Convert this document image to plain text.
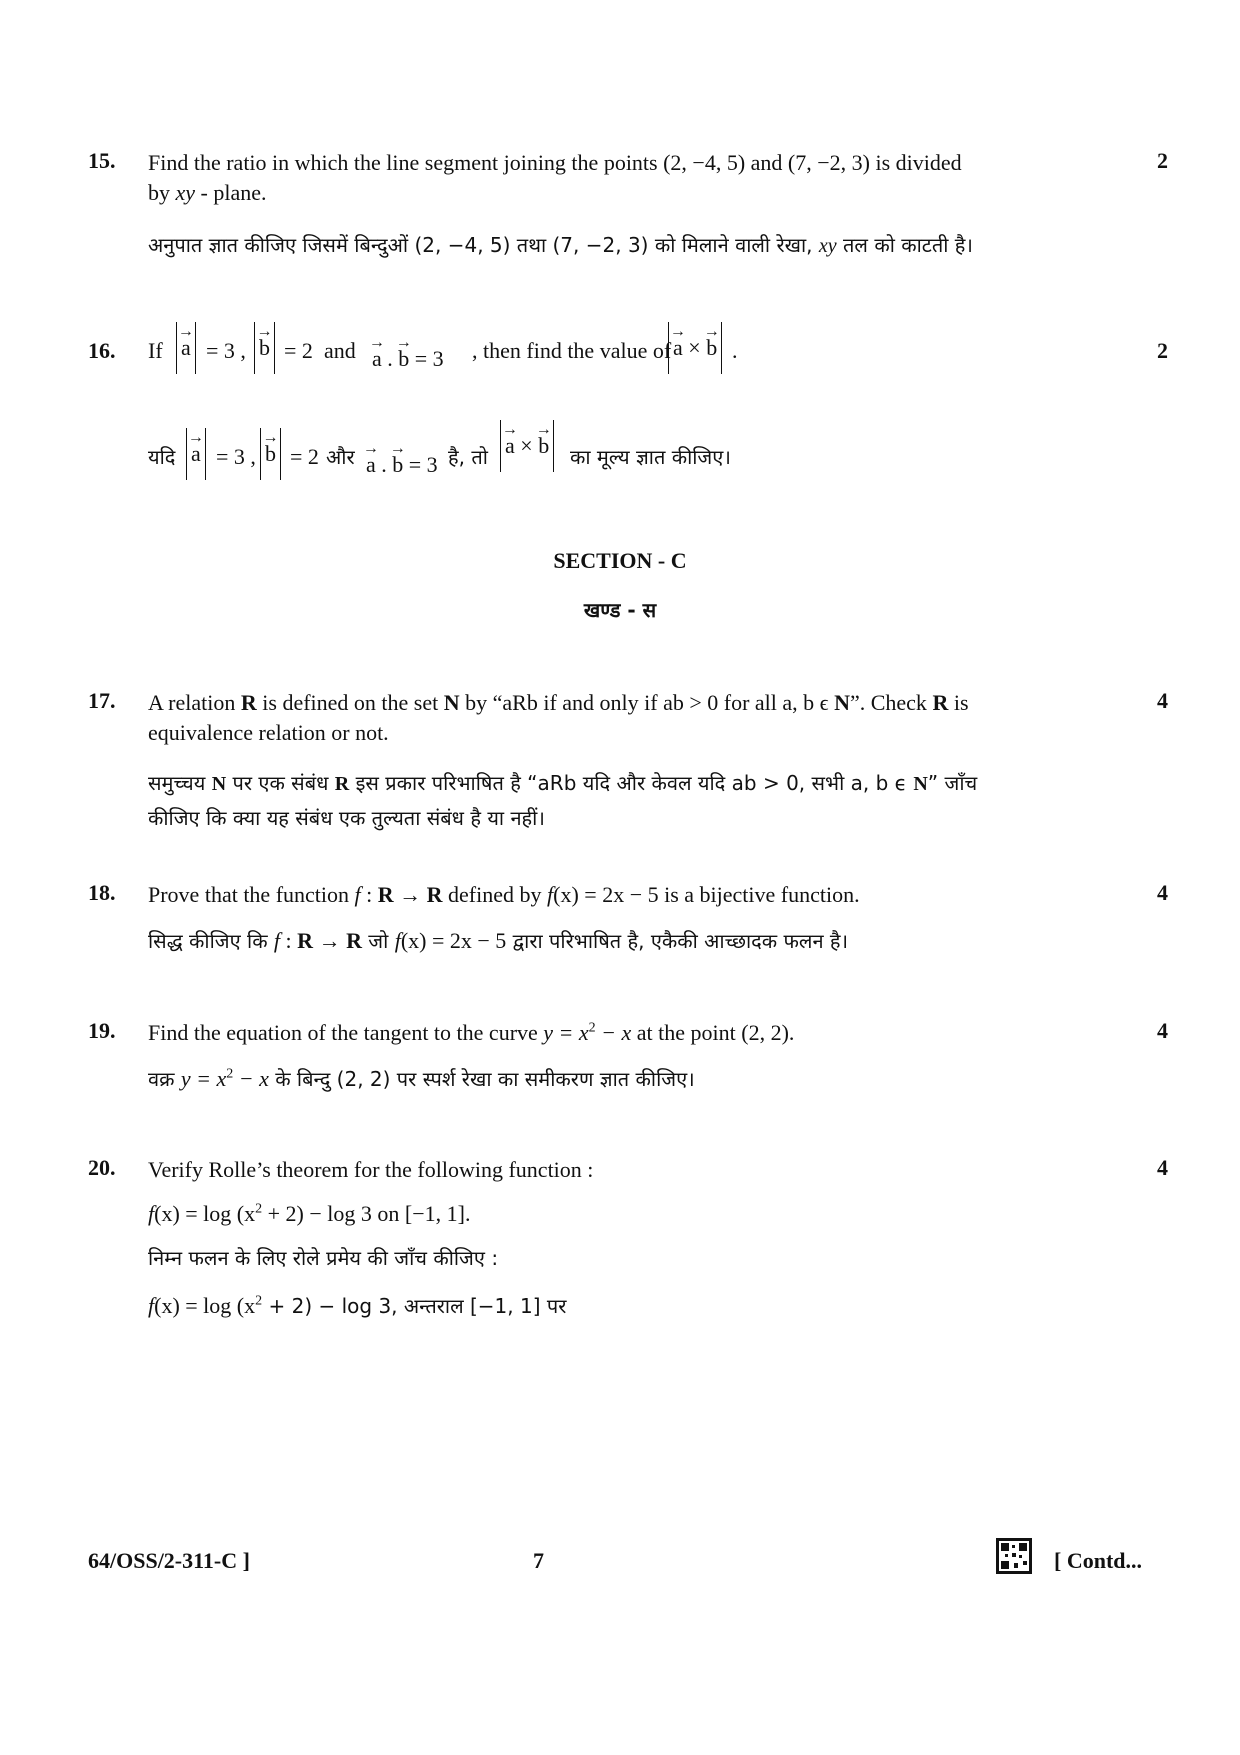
15. Find the ratio in which the line segment joining the points (2, −4, 5) and (7, −2, 3) is divided
by xy - plane.
अनुपात ज्ञात कीजिए जिसमें बिन्दुओं (2, −4, 5) तथा (7, −2, 3) को मिलाने वाली रेखा, xy तल को काटती है।
2
16.	2
If → a = 3 , → b = 2 and → a . → b = 3 , then find the value of → a × → b .
यदि → a = 3 , → b = 2 और → a . → b = 3 है, तो → a × → b का मूल्य ज्ञात कीजिए।
SECTION - C
खण्ड - स
17. A relation R is defined on the set N by “aRb if and only if ab > 0 for all a, b ϵ N”. Check R is
equivalence relation or not.
समुच्चय N पर एक संबंध R इस प्रकार परिभाषित है “aRb यदि और केवल यदि ab > 0, सभी a, b ϵ N” जाँच
कीजिए कि क्या यह संबंध एक तुल्यता संबंध है या नहीं।
4
18. Prove that the function f : R → R defined by f(x) = 2x − 5 is a bijective function.
सिद्ध कीजिए कि f : R → R जो f(x) = 2x − 5 द्वारा परिभाषित है, एकैकी आच्छादक फलन है।
4
19. Find the equation of the tangent to the curve $y = x^2 - x$ at the point (2, 2).
वक्र $y = x^2 - x$ के बिन्दु (2, 2) पर स्पर्श रेखा का समीकरण ज्ञात कीजिए।
4
20. Verify Rolle’s theorem for the following function :
$f(x) = \log (x^2 + 2) - \log 3$ on [−1, 1].
निम्न फलन के लिए रोले प्रमेय की जाँच कीजिए :
$f(x) = \log (x^2 + 2) - \log 3$, अन्तराल [−1, 1] पर
4
64/OSS/2-311-C ]	7	[ Contd...
